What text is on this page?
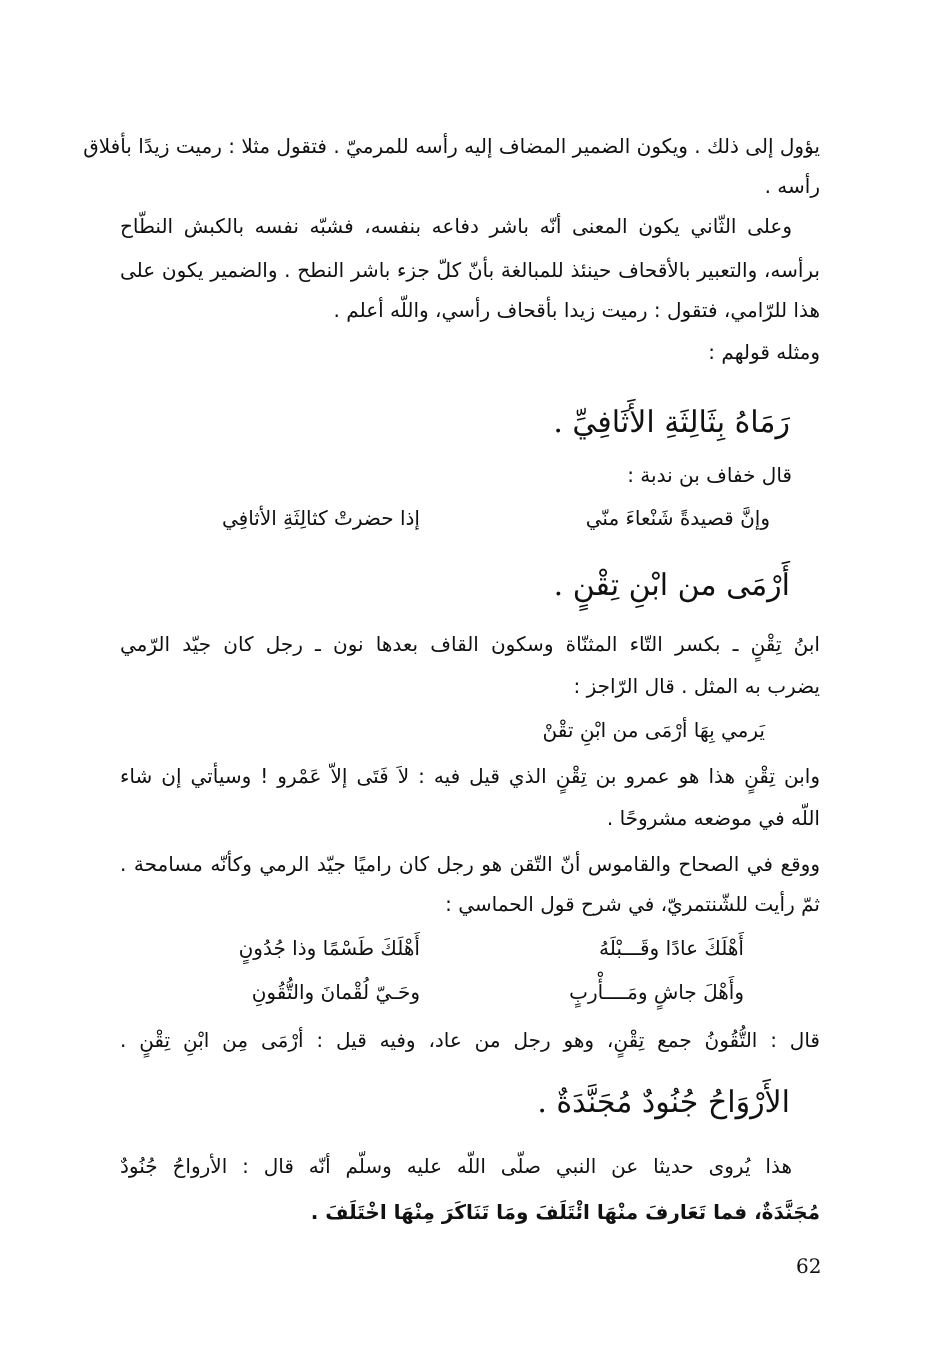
يؤول إلى ذلك . ويكون الضمير المضاف إليه رأسه للمرميّ . فتقول مثلا : رميت زيدًا بأفلاق
رأسه .
وعلى الثّاني يكون المعنى أنّه باشر دفاعه بنفسه، فشبّه نفسه بالكبش النطّاح
برأسه، والتعبير بالأقحاف حينئذ للمبالغة بأنّ كلّ جزء باشر النطح . والضمير يكون على
هذا للرّامي، فتقول : رميت زيدا بأقحاف رأسي، واللّه أعلم .
ومثله قولهم :
رَمَاهُ بِثَالِثَةِ الأَثَافِيِّ .
قال خفاف بن ندبة :
وإنَّ قصيدةً شَنْعاءَ منّي
إذا حضرتْ كثالِثَةِ الأثافِي
أَرْمَى من ابْنِ تِقْنٍ .
ابنُ تِقْنٍ ـ بكسر التّاء المثنّاة وسكون القاف بعدها نون ـ رجل كان جيّد الرّمي
يضرب به المثل . قال الرّاجز :
يَرمي بِهَا أرْمَى من ابْنِ تقْنْ
وابن تِقْنٍ هذا هو عمرو بن تِقْنٍ الذي قيل فيه : لاَ فَتَى إلاّ عَمْرو ! وسيأتي إن شاء
اللّه في موضعه مشروحًا .
ووقع في الصحاح والقاموس أنّ التّقن هو رجل كان راميًا جيّد الرمي وكأنّه مسامحة .
ثمّ رأيت للشّنتمريّ، في شرح قول الحماسي :
أَهْلَكَ عادًا وقَـــبْلَهُ
أَهْلَكَ طَسْمًا وذا جُدُونٍ
وأَهْلَ جاشٍ ومَــــأْربٍ
وحَـيّ لُقْمانَ والتُّقُونِ
قال : التُّقُونُ جمع تِقْنٍ، وهو رجل من عاد، وفيه قيل : أرْمَى مِن ابْنِ تِقْنٍ .
الأَرْوَاحُ جُنُودٌ مُجَنَّدَةٌ .
هذا يُروى حديثا عن النبي صلّى اللّه عليه وسلّم أنّه قال : الأرواحُ جُنُودٌ
مُجَنَّدَةٌ، فما تَعَارفَ منْهَا ائْتَلَفَ ومَا تَنَاكَرَ مِنْهَا اخْتَلَفَ .
62
